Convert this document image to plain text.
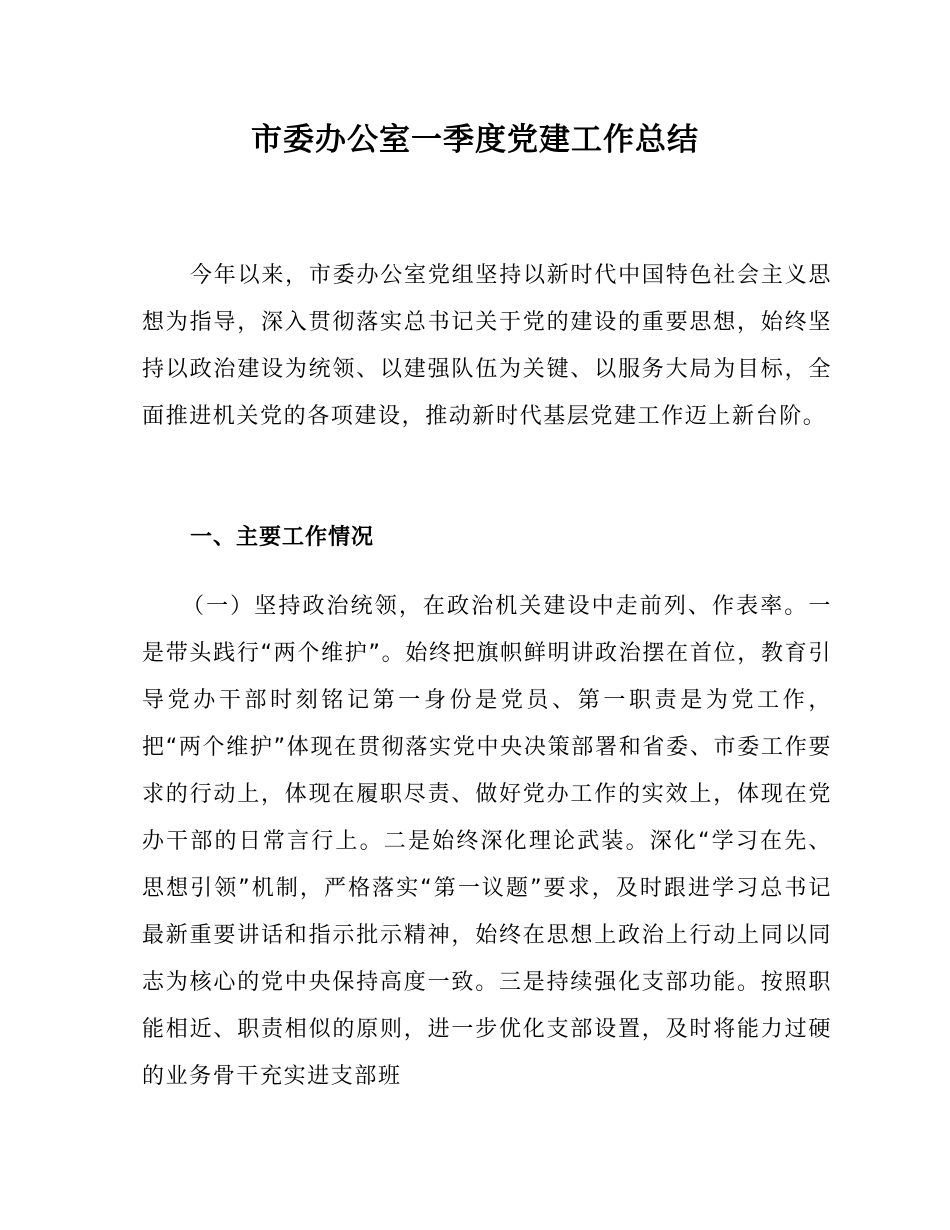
市委办公室一季度党建工作总结

今年以来，市委办公室党组坚持以新时代中国特色社会主义思想为指导，深入贯彻落实总书记关于党的建设的重要思想，始终坚持以政治建设为统领、以建强队伍为关键、以服务大局为目标，全面推进机关党的各项建设，推动新时代基层党建工作迈上新台阶。

一、主要工作情况

（一）坚持政治统领，在政治机关建设中走前列、作表率。一是带头践行“两个维护”。始终把旗帜鲜明讲政治摆在首位，教育引导党办干部时刻铭记第一身份是党员、第一职责是为党工作，把“两个维护”体现在贯彻落实党中央决策部署和省委、市委工作要求的行动上，体现在履职尽责、做好党办工作的实效上，体现在党办干部的日常言行上。二是始终深化理论武装。深化“学习在先、思想引领”机制，严格落实“第一议题”要求，及时跟进学习总书记最新重要讲话和指示批示精神，始终在思想上政治上行动上同以同志为核心的党中央保持高度一致。三是持续强化支部功能。按照职能相近、职责相似的原则，进一步优化支部设置，及时将能力过硬的业务骨干充实进支部班
